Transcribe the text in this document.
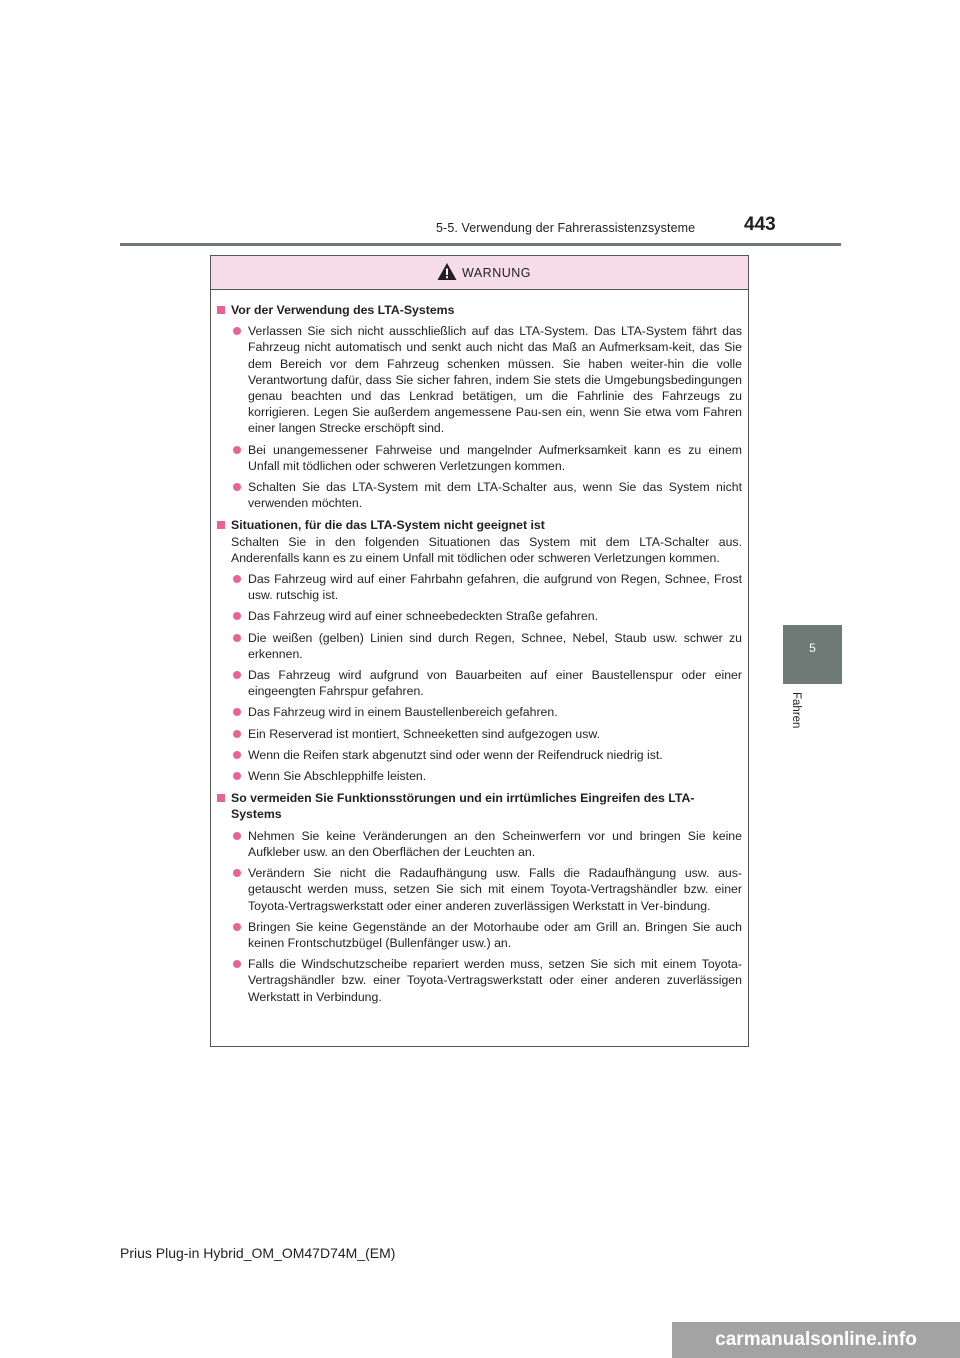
5-5. Verwendung der Fahrerassistenzsysteme	443
5
Fahren
WARNUNG
Vor der Verwendung des LTA-Systems
Verlassen Sie sich nicht ausschließlich auf das LTA-System. Das LTA-System fährt das Fahrzeug nicht automatisch und senkt auch nicht das Maß an Aufmerksam-keit, das Sie dem Bereich vor dem Fahrzeug schenken müssen. Sie haben weiter-hin die volle Verantwortung dafür, dass Sie sicher fahren, indem Sie stets die Umgebungsbedingungen genau beachten und das Lenkrad betätigen, um die Fahrlinie des Fahrzeugs zu korrigieren. Legen Sie außerdem angemessene Pau-sen ein, wenn Sie etwa vom Fahren einer langen Strecke erschöpft sind.
Bei unangemessener Fahrweise und mangelnder Aufmerksamkeit kann es zu einem Unfall mit tödlichen oder schweren Verletzungen kommen.
Schalten Sie das LTA-System mit dem LTA-Schalter aus, wenn Sie das System nicht verwenden möchten.
Situationen, für die das LTA-System nicht geeignet ist
Schalten Sie in den folgenden Situationen das System mit dem LTA-Schalter aus. Anderenfalls kann es zu einem Unfall mit tödlichen oder schweren Verletzungen kommen.
Das Fahrzeug wird auf einer Fahrbahn gefahren, die aufgrund von Regen, Schnee, Frost usw. rutschig ist.
Das Fahrzeug wird auf einer schneebedeckten Straße gefahren.
Die weißen (gelben) Linien sind durch Regen, Schnee, Nebel, Staub usw. schwer zu erkennen.
Das Fahrzeug wird aufgrund von Bauarbeiten auf einer Baustellenspur oder einer eingeengten Fahrspur gefahren.
Das Fahrzeug wird in einem Baustellenbereich gefahren.
Ein Reserverad ist montiert, Schneeketten sind aufgezogen usw.
Wenn die Reifen stark abgenutzt sind oder wenn der Reifendruck niedrig ist.
Wenn Sie Abschlepphilfe leisten.
So vermeiden Sie Funktionsstörungen und ein irrtümliches Eingreifen des LTA-Systems
Nehmen Sie keine Veränderungen an den Scheinwerfern vor und bringen Sie keine Aufkleber usw. an den Oberflächen der Leuchten an.
Verändern Sie nicht die Radaufhängung usw. Falls die Radaufhängung usw. aus-getauscht werden muss, setzen Sie sich mit einem Toyota-Vertragshändler bzw. einer Toyota-Vertragswerkstatt oder einer anderen zuverlässigen Werkstatt in Ver-bindung.
Bringen Sie keine Gegenstände an der Motorhaube oder am Grill an. Bringen Sie auch keinen Frontschutzbügel (Bullenfänger usw.) an.
Falls die Windschutzscheibe repariert werden muss, setzen Sie sich mit einem Toyota-Vertragshändler bzw. einer Toyota-Vertragswerkstatt oder einer anderen zuverlässigen Werkstatt in Verbindung.
Prius Plug-in Hybrid_OM_OM47D74M_(EM)
carmanualsonline.info
